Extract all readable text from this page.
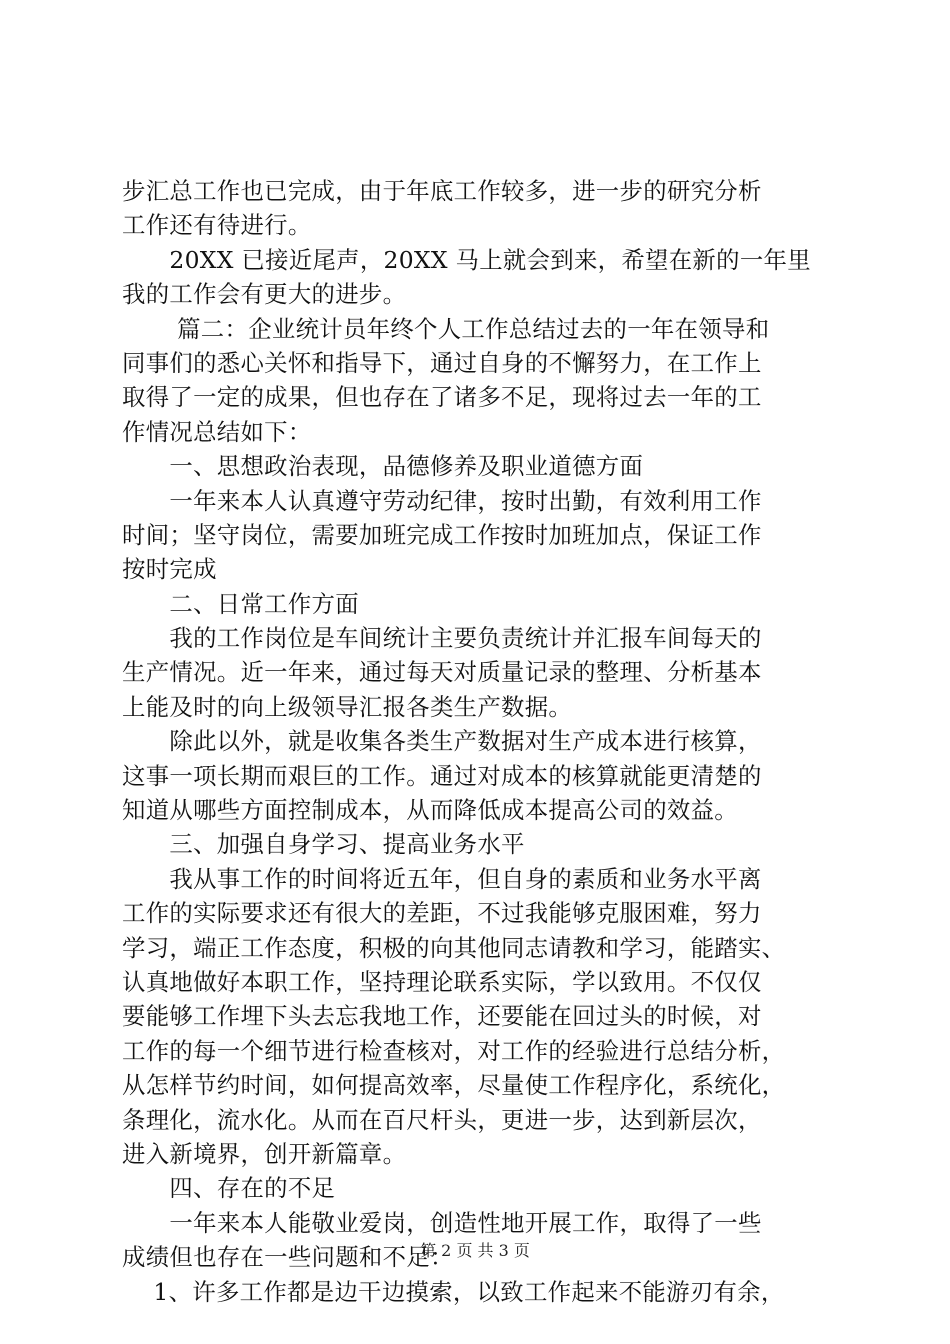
步汇总工作也已完成，由于年底工作较多，进一步的研究分析
工作还有待进行。
　　20XX 已接近尾声，20XX 马上就会到来，希望在新的一年里
我的工作会有更大的进步。
　　 篇二：企业统计员年终个人工作总结过去的一年在领导和
同事们的悉心关怀和指导下，通过自身的不懈努力，在工作上
取得了一定的成果，但也存在了诸多不足，现将过去一年的工
作情况总结如下：
　　一、思想政治表现，品德修养及职业道德方面
　　一年来本人认真遵守劳动纪律，按时出勤，有效利用工作
时间；坚守岗位，需要加班完成工作按时加班加点，保证工作
按时完成
　　二、日常工作方面
　　我的工作岗位是车间统计主要负责统计并汇报车间每天的
生产情况。近一年来，通过每天对质量记录的整理、分析基本
上能及时的向上级领导汇报各类生产数据。
　　除此以外，就是收集各类生产数据对生产成本进行核算，
这事一项长期而艰巨的工作。通过对成本的核算就能更清楚的
知道从哪些方面控制成本，从而降低成本提高公司的效益。
　　三、加强自身学习、提高业务水平
　　我从事工作的时间将近五年，但自身的素质和业务水平离
工作的实际要求还有很大的差距，不过我能够克服困难，努力
学习，端正工作态度，积极的向其他同志请教和学习，能踏实、
认真地做好本职工作，坚持理论联系实际，学以致用。不仅仅
要能够工作埋下头去忘我地工作，还要能在回过头的时候，对
工作的每一个细节进行检查核对，对工作的经验进行总结分析，
从怎样节约时间，如何提高效率，尽量使工作程序化，系统化，
条理化，流水化。从而在百尺杆头，更进一步，达到新层次，
进入新境界，创开新篇章。
　　四、存在的不足
　　一年来本人能敬业爱岗，创造性地开展工作，取得了一些
成绩但也存在一些问题和不足：
　 1、许多工作都是边干边摸索，以致工作起来不能游刃有余，
第 2 页 共 3 页
